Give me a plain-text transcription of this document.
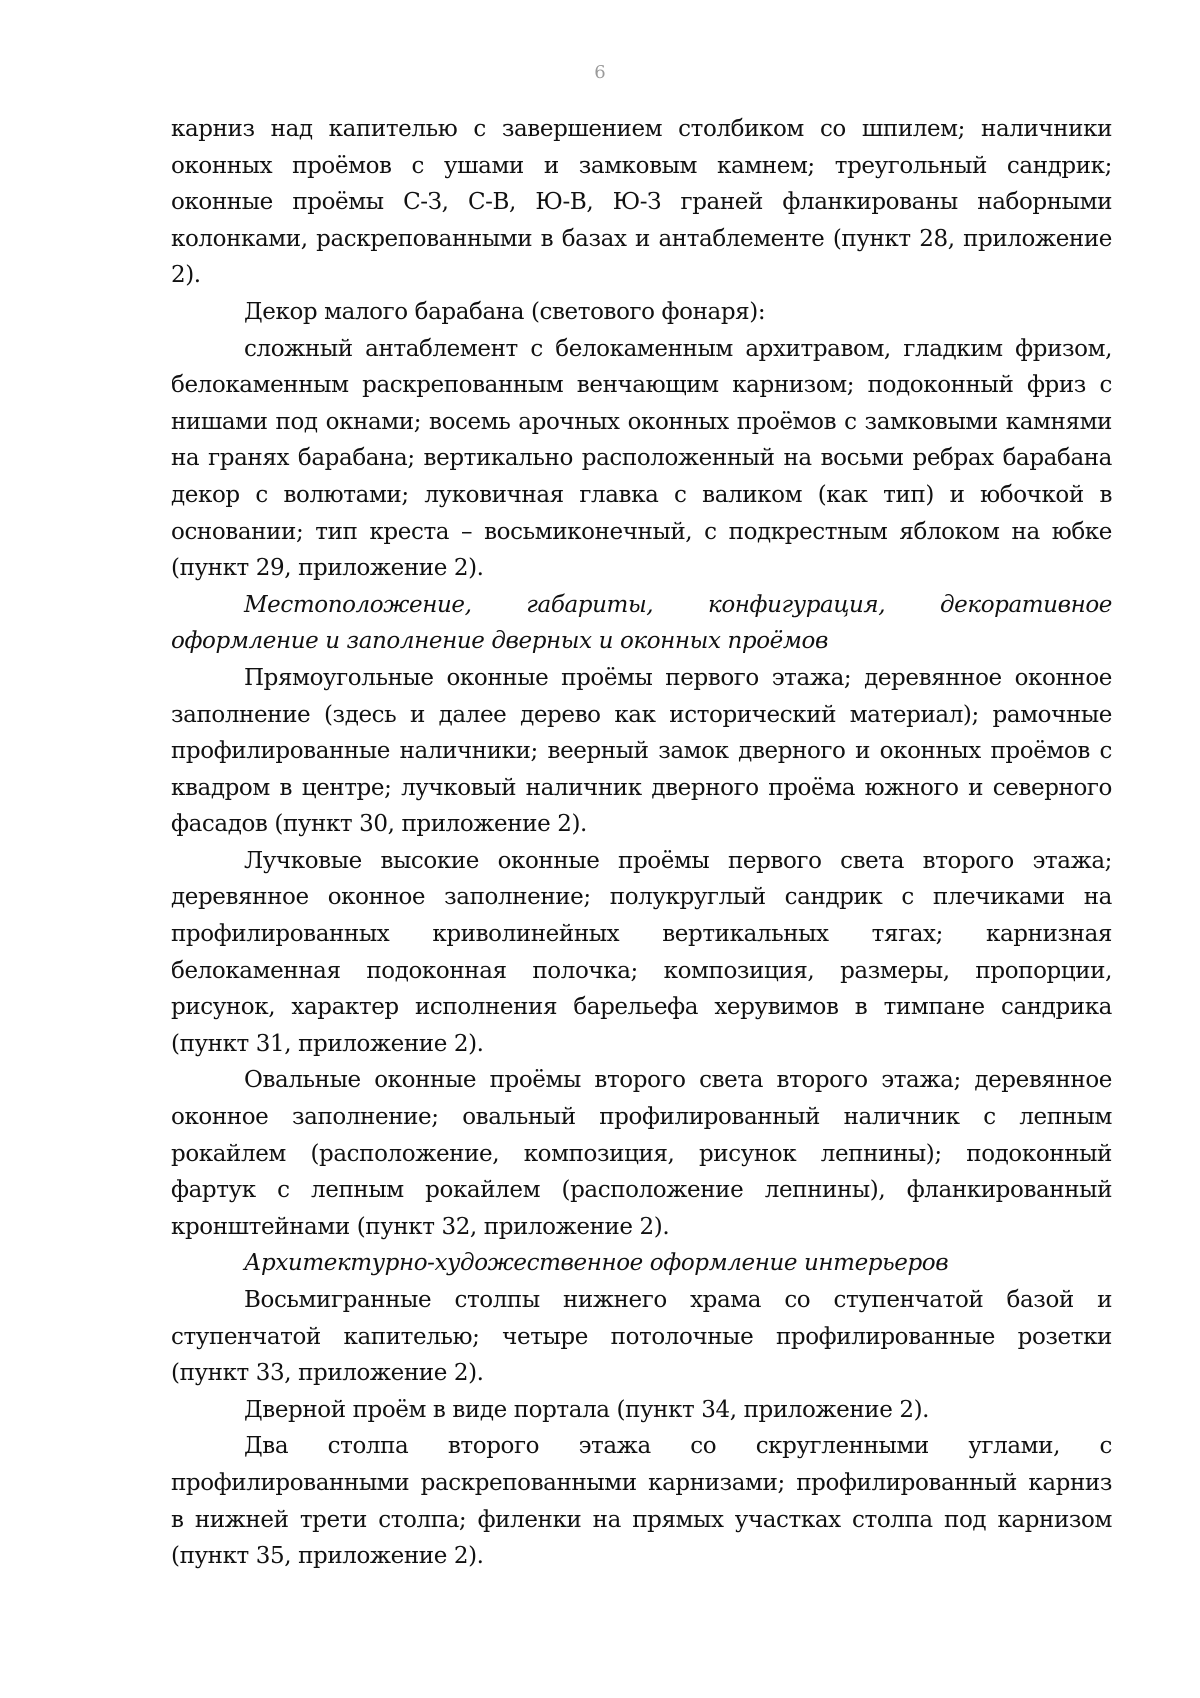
6

карниз над капителью с завершением столбиком со шпилем; наличники оконных проёмов с ушами и замковым камнем; треугольный сандрик; оконные проёмы С-З, С-В, Ю-В, Ю-З граней фланкированы наборными колонками, раскрепованными в базах и антаблементе (пункт 28, приложение 2).

Декор малого барабана (светового фонаря):

сложный антаблемент с белокаменным архитравом, гладким фризом, белокаменным раскрепованным венчающим карнизом; подоконный фриз с нишами под окнами; восемь арочных оконных проёмов с замковыми камнями на гранях барабана; вертикально расположенный на восьми ребрах барабана декор с волютами; луковичная главка с валиком (как тип) и юбочкой в основании; тип креста – восьмиконечный, с подкрестным яблоком на юбке (пункт 29, приложение 2).

Местоположение, габариты, конфигурация, декоративное оформление и заполнение дверных и оконных проёмов

Прямоугольные оконные проёмы первого этажа; деревянное оконное заполнение (здесь и далее дерево как исторический материал); рамочные профилированные наличники; веерный замок дверного и оконных проёмов с квадром в центре; лучковый наличник дверного проёма южного и северного фасадов (пункт 30, приложение 2).

Лучковые высокие оконные проёмы первого света второго этажа; деревянное оконное заполнение; полукруглый сандрик с плечиками на профилированных криволинейных вертикальных тягах; карнизная белокаменная подоконная полочка; композиция, размеры, пропорции, рисунок, характер исполнения барельефа херувимов в тимпане сандрика (пункт 31, приложение 2).

Овальные оконные проёмы второго света второго этажа; деревянное оконное заполнение; овальный профилированный наличник с лепным рокайлем (расположение, композиция, рисунок лепнины); подоконный фартук с лепным рокайлем (расположение лепнины), фланкированный кронштейнами (пункт 32, приложение 2).

Архитектурно-художественное оформление интерьеров

Восьмигранные столпы нижнего храма со ступенчатой базой и ступенчатой капителью; четыре потолочные профилированные розетки (пункт 33, приложение 2).

Дверной проём в виде портала (пункт 34, приложение 2).

Два столпа второго этажа со скругленными углами, с профилированными раскрепованными карнизами; профилированный карниз в нижней трети столпа; филенки на прямых участках столпа под карнизом (пункт 35, приложение 2).
